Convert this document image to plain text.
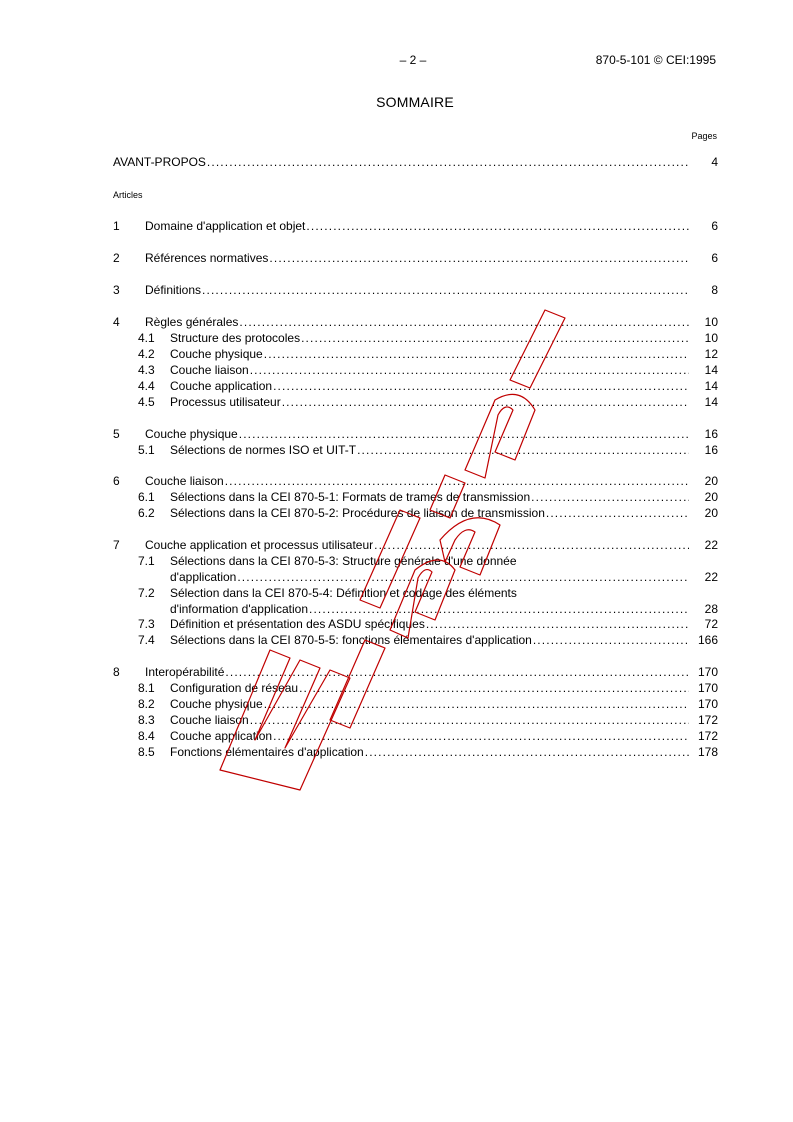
– 2 –	870-5-101 © CEI:1995
SOMMAIRE
Pages
Articles
AVANT-PROPOS . . .	4
1	Domaine d'application et objet . . .	6
2	Références normatives . . .	6
3	Définitions . . .	8
4	Règles générales . . .	10
4.1	Structure des protocoles . . .	10
4.2	Couche physique . . .	12
4.3	Couche liaison . . .	14
4.4	Couche application . . .	14
4.5	Processus utilisateur . . .	14
5	Couche physique . . .	16
5.1	Sélections de normes ISO et UIT-T . . .	16
6	Couche liaison . . .	20
6.1	Sélections dans la CEI 870-5-1: Formats de trames de transmission . . .	20
6.2	Sélections dans la CEI 870-5-2: Procédures de liaison de transmission . . .	20
7	Couche application et processus utilisateur . . .	22
7.1	Sélections dans la CEI 870-5-3: Structure générale d'une donnée
d'application . . .	22
7.2	Sélection dans la CEI 870-5-4: Définition et codage des éléments
d'information d'application . . .	28
7.3	Définition et présentation des ASDU spécifiques . . .	72
7.4	Sélections dans la CEI 870-5-5: fonctions élémentaires d'application . . .	166
8	Interopérabilité . . .	170
8.1	Configuration de réseau . . .	170
8.2	Couche physique . . .	170
8.3	Couche liaison . . .	172
8.4	Couche application . . .	172
8.5	Fonctions élémentaires d'application . . .	178
